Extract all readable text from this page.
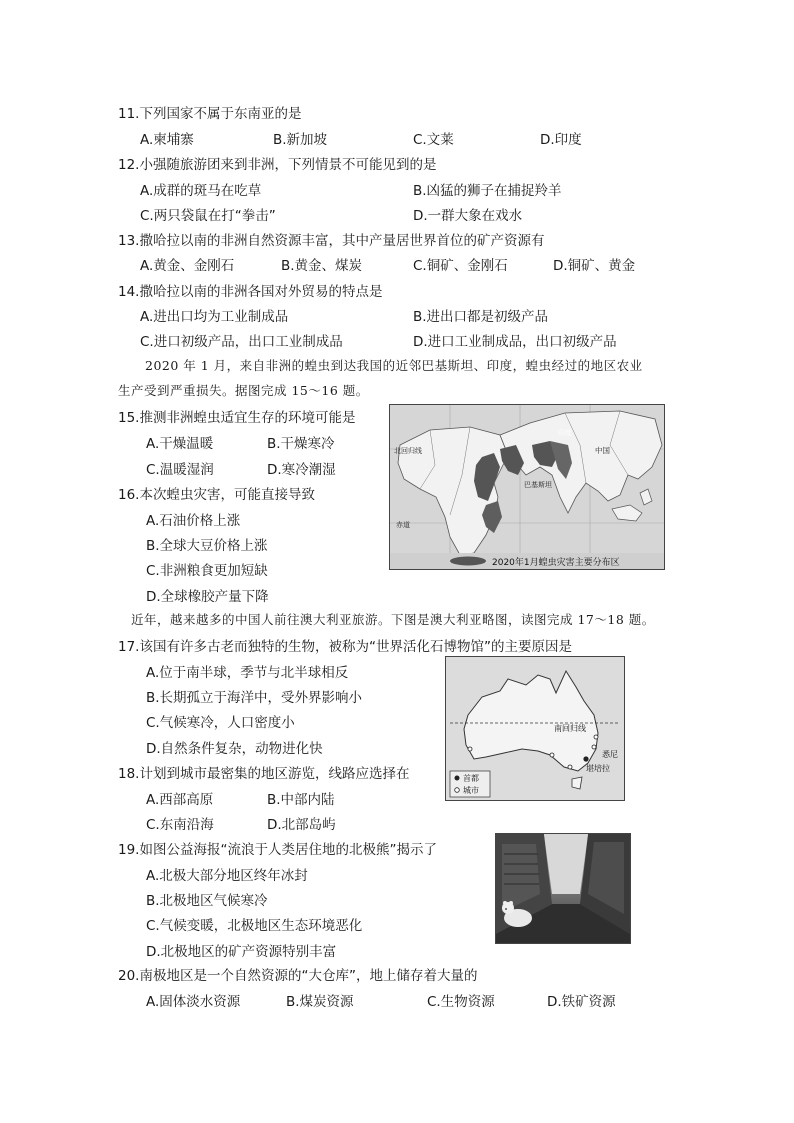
11.下列国家不属于东南亚的是
A.柬埔寨	B.新加坡	C.文莱	D.印度
12.小强随旅游团来到非洲，下列情景不可能见到的是
A.成群的斑马在吃草	B.凶猛的狮子在捕捉羚羊
C.两只袋鼠在打“拳击”	D.一群大象在戏水
13.撒哈拉以南的非洲自然资源丰富，其中产量居世界首位的矿产资源有
A.黄金、金刚石	B.黄金、煤炭	C.铜矿、金刚石	D.铜矿、黄金
14.撒哈拉以南的非洲各国对外贸易的特点是
A.进出口均为工业制成品	B.进出口都是初级产品
C.进口初级产品，出口工业制成品	D.进口工业制成品，出口初级产品
2020 年 1 月，来自非洲的蝗虫到达我国的近邻巴基斯坦、印度，蝗虫经过的地区农业
生产受到严重损失。据图完成 15～16 题。
15.推测非洲蝗虫适宜生存的环境可能是
A.干燥温暖	B.干燥寒冷
C.温暖湿润	D.寒冷潮湿
16.本次蝗虫灾害，可能直接导致
A.石油价格上涨
B.全球大豆价格上涨
C.非洲粮食更加短缺
D.全球橡胶产量下降
北回归线	中国
印度
巴基斯坦
赤道
2020年1月蝗虫灾害主要分布区
近年，越来越多的中国人前往澳大利亚旅游。下图是澳大利亚略图，读图完成 17～18 题。
17.该国有许多古老而独特的生物，被称为“世界活化石博物馆”的主要原因是
A.位于南半球，季节与北半球相反
B.长期孤立于海洋中，受外界影响小
C.气候寒冷，人口密度小
D.自然条件复杂，动物进化快
18.计划到城市最密集的地区游览，线路应选择在
A.西部高原	B.中部内陆
C.东南沿海	D.北部岛屿
南回归线
悉尼
堪培拉
首都
城市
19.如图公益海报“流浪于人类居住地的北极熊”揭示了
A.北极大部分地区终年冰封
B.北极地区气候寒冷
C.气候变暖，北极地区生态环境恶化
D.北极地区的矿产资源特别丰富
20.南极地区是一个自然资源的“大仓库”，地上储存着大量的
A.固体淡水资源	B.煤炭资源	C.生物资源	D.铁矿资源
